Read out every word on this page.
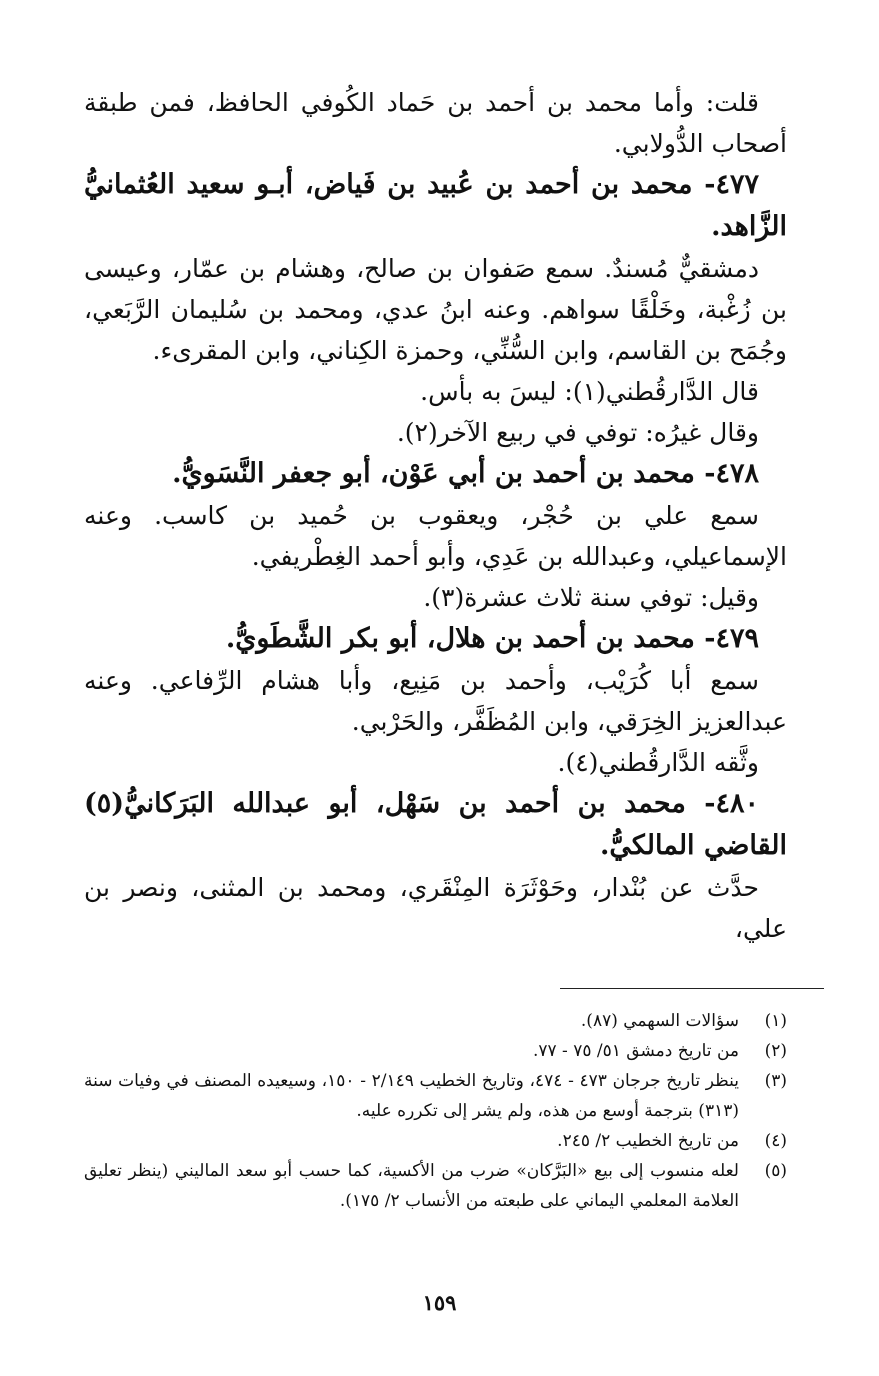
قلت: وأما محمد بن أحمد بن حَماد الكُوفي الحافظ، فمن طبقة أصحاب الدُّولابي.

٤٧٧- محمد بن أحمد بن عُبيد بن فَياض، أبـو سعيد العُثمانيُّ الزَّاهد.

دمشقيٌّ مُسندٌ. سمع صَفوان بن صالح، وهشام بن عمّار، وعيسى بن زُغْبة، وخَلْقًا سواهم. وعنه ابنُ عدي، ومحمد بن سُليمان الرَّبَعي، وجُمَح بن القاسم، وابن السُّنِّي، وحمزة الكِناني، وابن المقرىء.

قال الدَّارقُطني(١): ليسَ به بأس.

وقال غيرُه: توفي في ربيع الآخر(٢).

٤٧٨- محمد بن أحمد بن أبي عَوْن، أبو جعفر النَّسَويُّ.

سمع علي بن حُجْر، ويعقوب بن حُميد بن كاسب. وعنه الإسماعيلي، وعبدالله بن عَدِي، وأبو أحمد الغِطْريفي.

وقيل: توفي سنة ثلاث عشرة(٣).

٤٧٩- محمد بن أحمد بن هلال، أبو بكر الشَّطَويُّ.

سمع أبا كُرَيْب، وأحمد بن مَنِيع، وأبا هشام الرِّفاعي. وعنه عبدالعزيز الخِرَقي، وابن المُظَفَّر، والحَرْبي.

وثَّقه الدَّارقُطني(٤).

٤٨٠- محمد بن أحمد بن سَهْل، أبو عبدالله البَرَكانيُّ(٥) القاضي المالكيُّ.

حدَّث عن بُنْدار، وحَوْثَرَة المِنْقَري، ومحمد بن المثنى، ونصر بن علي،

(١)
سؤالات السهمي (٨٧).
(٢)
من تاريخ دمشق ٥١/ ٧٥ - ٧٧.
(٣)
ينظر تاريخ جرجان ٤٧٣ - ٤٧٤، وتاريخ الخطيب ٢/١٤٩ - ١٥٠، وسيعيده المصنف في وفيات سنة (٣١٣) بترجمة أوسع من هذه، ولم يشر إلى تكرره عليه.
(٤)
من تاريخ الخطيب ٢/ ٢٤٥.
(٥)
لعله منسوب إلى بيع «البَرَّكان» ضرب من الأكسية، كما حسب أبو سعد الماليني (ينظر تعليق العلامة المعلمي اليماني على طبعته من الأنساب ٢/ ١٧٥).
١٥٩
